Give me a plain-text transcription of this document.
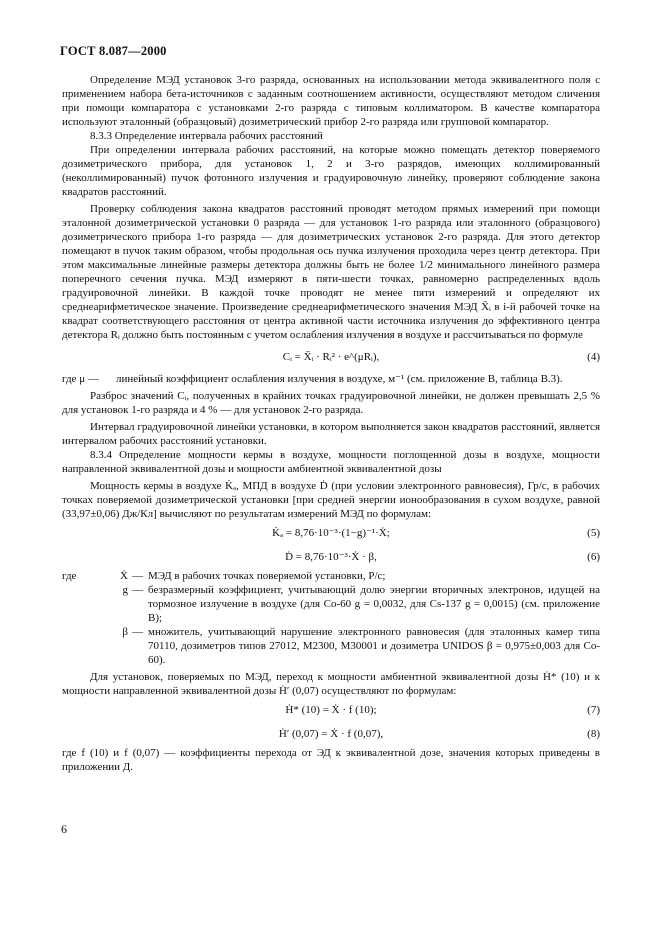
ГОСТ 8.087—2000

Определение МЭД установок 3-го разряда, основанных на использовании метода эквивалентного поля с применением набора бета-источников с заданным соотношением активности, осуществляют методом сличения при помощи компаратора с установками 2-го разряда с типовым коллиматором. В качестве компаратора используют эталонный (образцовый) дозиметрический прибор 2-го разряда или групповой компаратор.

8.3.3 Определение интервала рабочих расстояний

При определении интервала рабочих расстояний, на которые можно помещать детектор поверяемого дозиметрического прибора, для установок 1, 2 и 3-го разрядов, имеющих коллимированный (неколлимированный) пучок фотонного излучения и градуировочную линейку, проверяют соблюдение закона квадратов расстояний.

Проверку соблюдения закона квадратов расстояний проводят методом прямых измерений при помощи эталонной дозиметрической установки 0 разряда — для установок 1-го разряда или эталонного (образцового) дозиметрического прибора 1-го разряда — для дозиметрических установок 2-го разряда. Для этого детектор помещают в пучок таким образом, чтобы продольная ось пучка излучения проходила через центр детектора. При этом максимальные линейные размеры детектора должны быть не более 1/2 минимального линейного размера поперечного сечения пучка. МЭД измеряют в пяти-шести точках, равномерно распределенных вдоль градуировочной линейки. В каждой точке проводят не менее пяти измерений и определяют их среднеарифметическое значение. Произведение среднеарифметического значения МЭД X̄ᵢ в i-й рабочей точке на квадрат соответствующего расстояния от центра активной части источника излучения до эффективного центра детектора Rᵢ должно быть постоянным с учетом ослабления излучения в воздухе и рассчитываться по формуле

Cᵢ = X̄ᵢ · Rᵢ² · e^(μRᵢ),	(4)
где μ —	линейный коэффициент ослабления излучения в воздухе, м⁻¹ (см. приложение В, таблица В.3).

Разброс значений Cᵢ, полученных в крайних точках градуировочной линейки, не должен превышать 2,5 % для установок 1-го разряда и 4 % — для установок 2-го разряда.

Интервал градуировочной линейки установки, в котором выполняется закон квадратов расстояний, является интервалом рабочих расстояний установки.

8.3.4 Определение мощности кермы в воздухе, мощности поглощенной дозы в воздухе, мощности направленной эквивалентной дозы и мощности амбиентной эквивалентной дозы

Мощность кермы в воздухе K̇ₐ, МПД в воздухе Ḋ (при условии электронного равновесия), Гр/с, в рабочих точках поверяемой дозиметрической установки [при средней энергии ионообразования в сухом воздухе, равной (33,97±0,06) Дж/Кл] вычисляют по результатам измерений МЭД по формулам:

K̇ₐ = 8,76·10⁻³·(1−g)⁻¹·Ẋ;	(5)
Ḋ = 8,76·10⁻³·Ẋ · β,	(6)
где	Ẋ — МЭД в рабочих точках поверяемой установки, Р/с;
g — безразмерный коэффициент, учитывающий долю энергии вторичных электронов, идущей на тормозное излучение в воздухе (для Co-60 g = 0,0032, для Cs-137 g = 0,0015) (см. приложение В);
β — множитель, учитывающий нарушение электронного равновесия (для эталонных камер типа 70110, дозиметров типов 27012, М2300, М30001 и дозиметра UNIDOS β = 0,975±0,003 для Co-60).

Для установок, поверяемых по МЭД, переход к мощности амбиентной эквивалентной дозы Ḣ* (10) и к мощности направленной эквивалентной дозы Ḣ′ (0,07) осуществляют по формулам:

Ḣ* (10) = Ẋ · f (10);	(7)
Ḣ′ (0,07) = Ẋ · f (0,07),	(8)

где f (10) и f (0,07) — коэффициенты перехода от ЭД к эквивалентной дозе, значения которых приведены в приложении Д.

6
